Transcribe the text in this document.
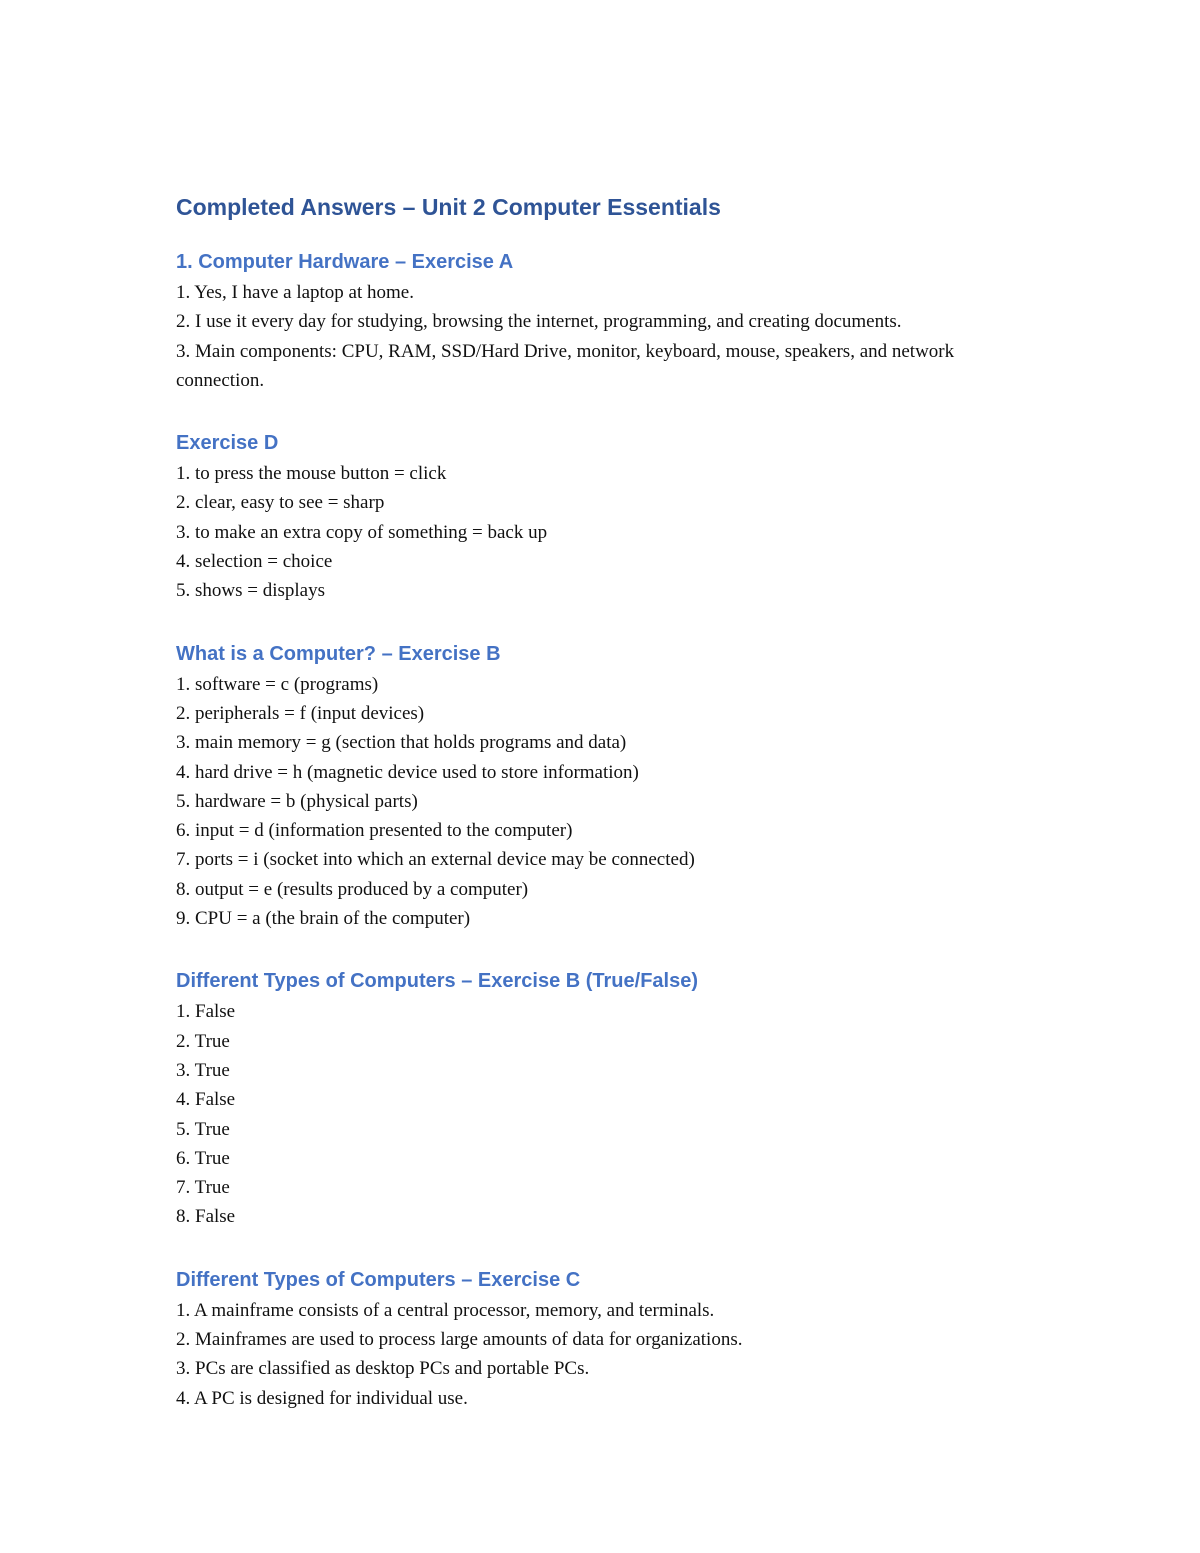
Completed Answers – Unit 2 Computer Essentials
1. Computer Hardware – Exercise A
1. Yes, I have a laptop at home.
2. I use it every day for studying, browsing the internet, programming, and creating documents.
3. Main components: CPU, RAM, SSD/Hard Drive, monitor, keyboard, mouse, speakers, and network connection.
Exercise D
1. to press the mouse button = click
2. clear, easy to see = sharp
3. to make an extra copy of something = back up
4. selection = choice
5. shows = displays
What is a Computer? – Exercise B
1. software = c (programs)
2. peripherals = f (input devices)
3. main memory = g (section that holds programs and data)
4. hard drive = h (magnetic device used to store information)
5. hardware = b (physical parts)
6. input = d (information presented to the computer)
7. ports = i (socket into which an external device may be connected)
8. output = e (results produced by a computer)
9. CPU = a (the brain of the computer)
Different Types of Computers – Exercise B (True/False)
1. False
2. True
3. True
4. False
5. True
6. True
7. True
8. False
Different Types of Computers – Exercise C
1. A mainframe consists of a central processor, memory, and terminals.
2. Mainframes are used to process large amounts of data for organizations.
3. PCs are classified as desktop PCs and portable PCs.
4. A PC is designed for individual use.
